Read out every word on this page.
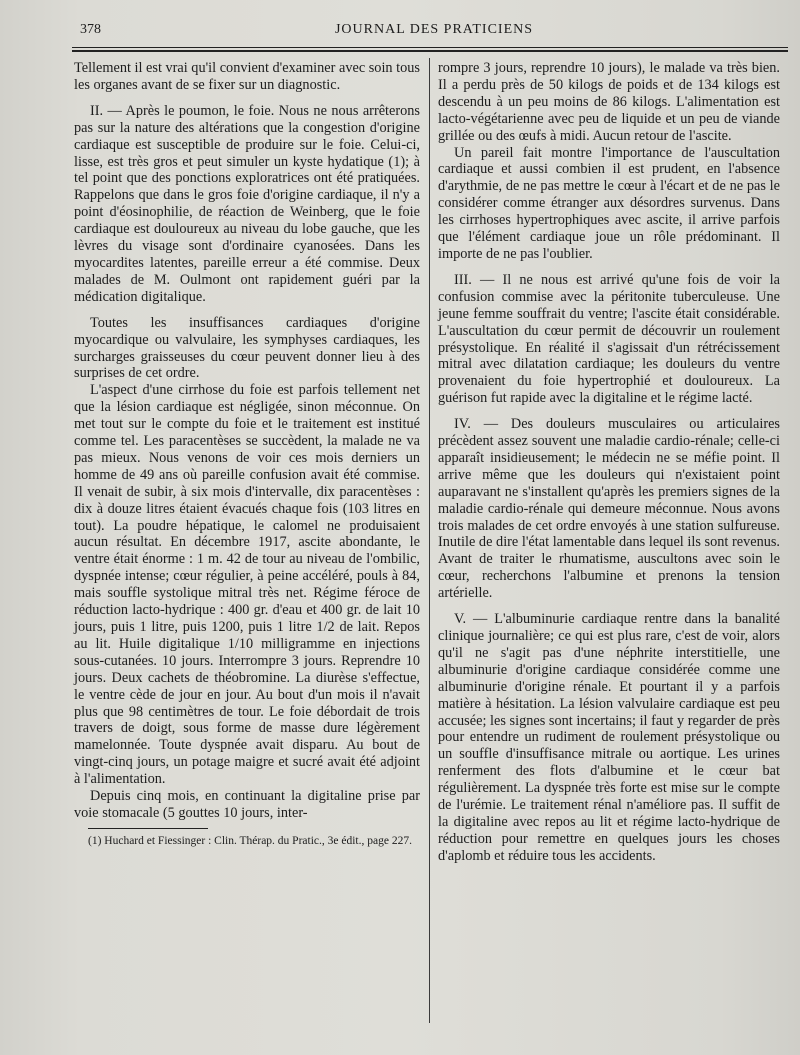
378	JOURNAL DES PRATICIENS

Tellement il est vrai qu'il convient d'examiner avec soin tous les organes avant de se fixer sur un diagnostic.

II. — Après le poumon, le foie. Nous ne nous arrêterons pas sur la nature des altérations que la congestion d'origine cardiaque est susceptible de produire sur le foie. Celui-ci, lisse, est très gros et peut simuler un kyste hydatique (1); à tel point que des ponctions exploratrices ont été pratiquées. Rappelons que dans le gros foie d'origine cardiaque, il n'y a point d'éosinophilie, de réaction de Weinberg, que le foie cardiaque est douloureux au niveau du lobe gauche, que les lèvres du visage sont d'ordinaire cyanosées. Dans les myocardites latentes, pareille erreur a été commise. Deux malades de M. Oulmont ont rapidement guéri par la médication digitalique.

Toutes les insuffisances cardiaques d'origine myocardique ou valvulaire, les symphyses cardiaques, les surcharges graisseuses du cœur peuvent donner lieu à des surprises de cet ordre.

L'aspect d'une cirrhose du foie est parfois tellement net que la lésion cardiaque est négligée, sinon méconnue. On met tout sur le compte du foie et le traitement est institué comme tel. Les paracentèses se succèdent, la malade ne va pas mieux. Nous venons de voir ces mois derniers un homme de 49 ans où pareille confusion avait été commise. Il venait de subir, à six mois d'intervalle, dix paracentèses : dix à douze litres étaient évacués chaque fois (103 litres en tout). La poudre hépatique, le calomel ne produisaient aucun résultat. En décembre 1917, ascite abondante, le ventre était énorme : 1 m. 42 de tour au niveau de l'ombilic, dyspnée intense; cœur régulier, à peine accéléré, pouls à 84, mais souffle systolique mitral très net. Régime féroce de réduction lacto-hydrique : 400 gr. d'eau et 400 gr. de lait 10 jours, puis 1 litre, puis 1200, puis 1 litre 1/2 de lait. Repos au lit. Huile digitalique 1/10 milligramme en injections sous-cutanées. 10 jours. Interrompre 3 jours. Reprendre 10 jours. Deux cachets de théobromine. La diurèse s'effectue, le ventre cède de jour en jour. Au bout d'un mois il n'avait plus que 98 centimètres de tour. Le foie débordait de trois travers de doigt, sous forme de masse dure légèrement mamelonnée. Toute dyspnée avait disparu. Au bout de vingt-cinq jours, un potage maigre et sucré avait été adjoint à l'alimentation.

Depuis cinq mois, en continuant la digitaline prise par voie stomacale (5 gouttes 10 jours, inter-

(1) Huchard et Fiessinger : Clin. Thérap. du Pratic., 3e édit., page 227.

rompre 3 jours, reprendre 10 jours), le malade va très bien. Il a perdu près de 50 kilogs de poids et de 134 kilogs est descendu à un peu moins de 86 kilogs. L'alimentation est lacto-végétarienne avec peu de liquide et un peu de viande grillée ou des œufs à midi. Aucun retour de l'ascite.

Un pareil fait montre l'importance de l'auscultation cardiaque et aussi combien il est prudent, en l'absence d'arythmie, de ne pas mettre le cœur à l'écart et de ne pas le considérer comme étranger aux désordres survenus. Dans les cirrhoses hypertrophiques avec ascite, il arrive parfois que l'élément cardiaque joue un rôle prédominant. Il importe de ne pas l'oublier.

III. — Il ne nous est arrivé qu'une fois de voir la confusion commise avec la péritonite tuberculeuse. Une jeune femme souffrait du ventre; l'ascite était considérable. L'auscultation du cœur permit de découvrir un roulement présystolique. En réalité il s'agissait d'un rétrécissement mitral avec dilatation cardiaque; les douleurs du ventre provenaient du foie hypertrophié et douloureux. La guérison fut rapide avec la digitaline et le régime lacté.

IV. — Des douleurs musculaires ou articulaires précèdent assez souvent une maladie cardio-rénale; celle-ci apparaît insidieusement; le médecin ne se méfie point. Il arrive même que les douleurs qui n'existaient point auparavant ne s'installent qu'après les premiers signes de la maladie cardio-rénale qui demeure méconnue. Nous avons trois malades de cet ordre envoyés à une station sulfureuse. Inutile de dire l'état lamentable dans lequel ils sont revenus. Avant de traiter le rhumatisme, auscultons avec soin le cœur, recherchons l'albumine et prenons la tension artérielle.

V. — L'albuminurie cardiaque rentre dans la banalité clinique journalière; ce qui est plus rare, c'est de voir, alors qu'il ne s'agit pas d'une néphrite interstitielle, une albuminurie d'origine cardiaque considérée comme une albuminurie d'origine rénale. Et pourtant il y a parfois matière à hésitation. La lésion valvulaire cardiaque est peu accusée; les signes sont incertains; il faut y regarder de près pour entendre un rudiment de roulement présystolique ou un souffle d'insuffisance mitrale ou aortique. Les urines renferment des flots d'albumine et le cœur bat régulièrement. La dyspnée très forte est mise sur le compte de l'urémie. Le traitement rénal n'améliore pas. Il suffit de la digitaline avec repos au lit et régime lacto-hydrique de réduction pour remettre en quelques jours les choses d'aplomb et réduire tous les accidents.
